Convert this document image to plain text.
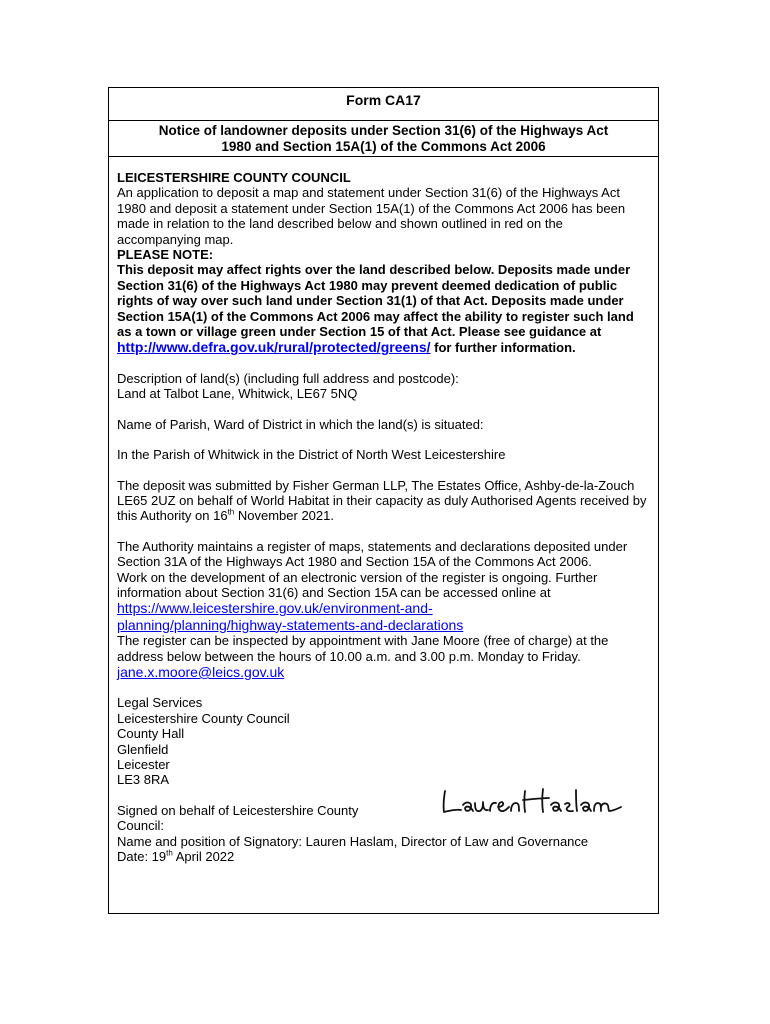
Form CA17
Notice of landowner deposits under Section 31(6) of the Highways Act
1980 and Section 15A(1) of the Commons Act 2006

LEICESTERSHIRE COUNTY COUNCIL

An application to deposit a map and statement under Section 31(6) of the Highways Act 1980 and deposit a statement under Section 15A(1) of the Commons Act 2006 has been made in relation to the land described below and shown outlined in red on the accompanying map.

PLEASE NOTE:

This deposit may affect rights over the land described below. Deposits made under Section 31(6) of the Highways Act 1980 may prevent deemed dedication of public rights of way over such land under Section 31(1) of that Act. Deposits made under Section 15A(1) of the Commons Act 2006 may affect the ability to register such land as a town or village green under Section 15 of that Act. Please see guidance at

http://www.defra.gov.uk/rural/protected/greens/ for further information.

Description of land(s) (including full address and postcode):

Land at Talbot Lane, Whitwick, LE67 5NQ

Name of Parish, Ward of District in which the land(s) is situated:

In the Parish of Whitwick in the District of North West Leicestershire

The deposit was submitted by Fisher German LLP, The Estates Office, Ashby-de-la-Zouch LE65 2UZ on behalf of World Habitat in their capacity as duly Authorised Agents received by this Authority on 16th November 2021.

The Authority maintains a register of maps, statements and declarations deposited under Section 31A of the Highways Act 1980 and Section 15A of the Commons Act 2006.

Work on the development of an electronic version of the register is ongoing. Further information about Section 31(6) and Section 15A can be accessed online at

https://www.leicestershire.gov.uk/environment-and-
planning/planning/highway-statements-and-declarations

The register can be inspected by appointment with Jane Moore (free of charge) at the address below between the hours of 10.00 a.m. and 3.00 p.m. Monday to Friday.

jane.x.moore@leics.gov.uk

Legal Services

Leicestershire County Council

County Hall

Glenfield

Leicester

LE3 8RA

Signed on behalf of Leicestershire County

Council:

Name and position of Signatory: Lauren Haslam, Director of Law and Governance

Date: 19th April 2022
